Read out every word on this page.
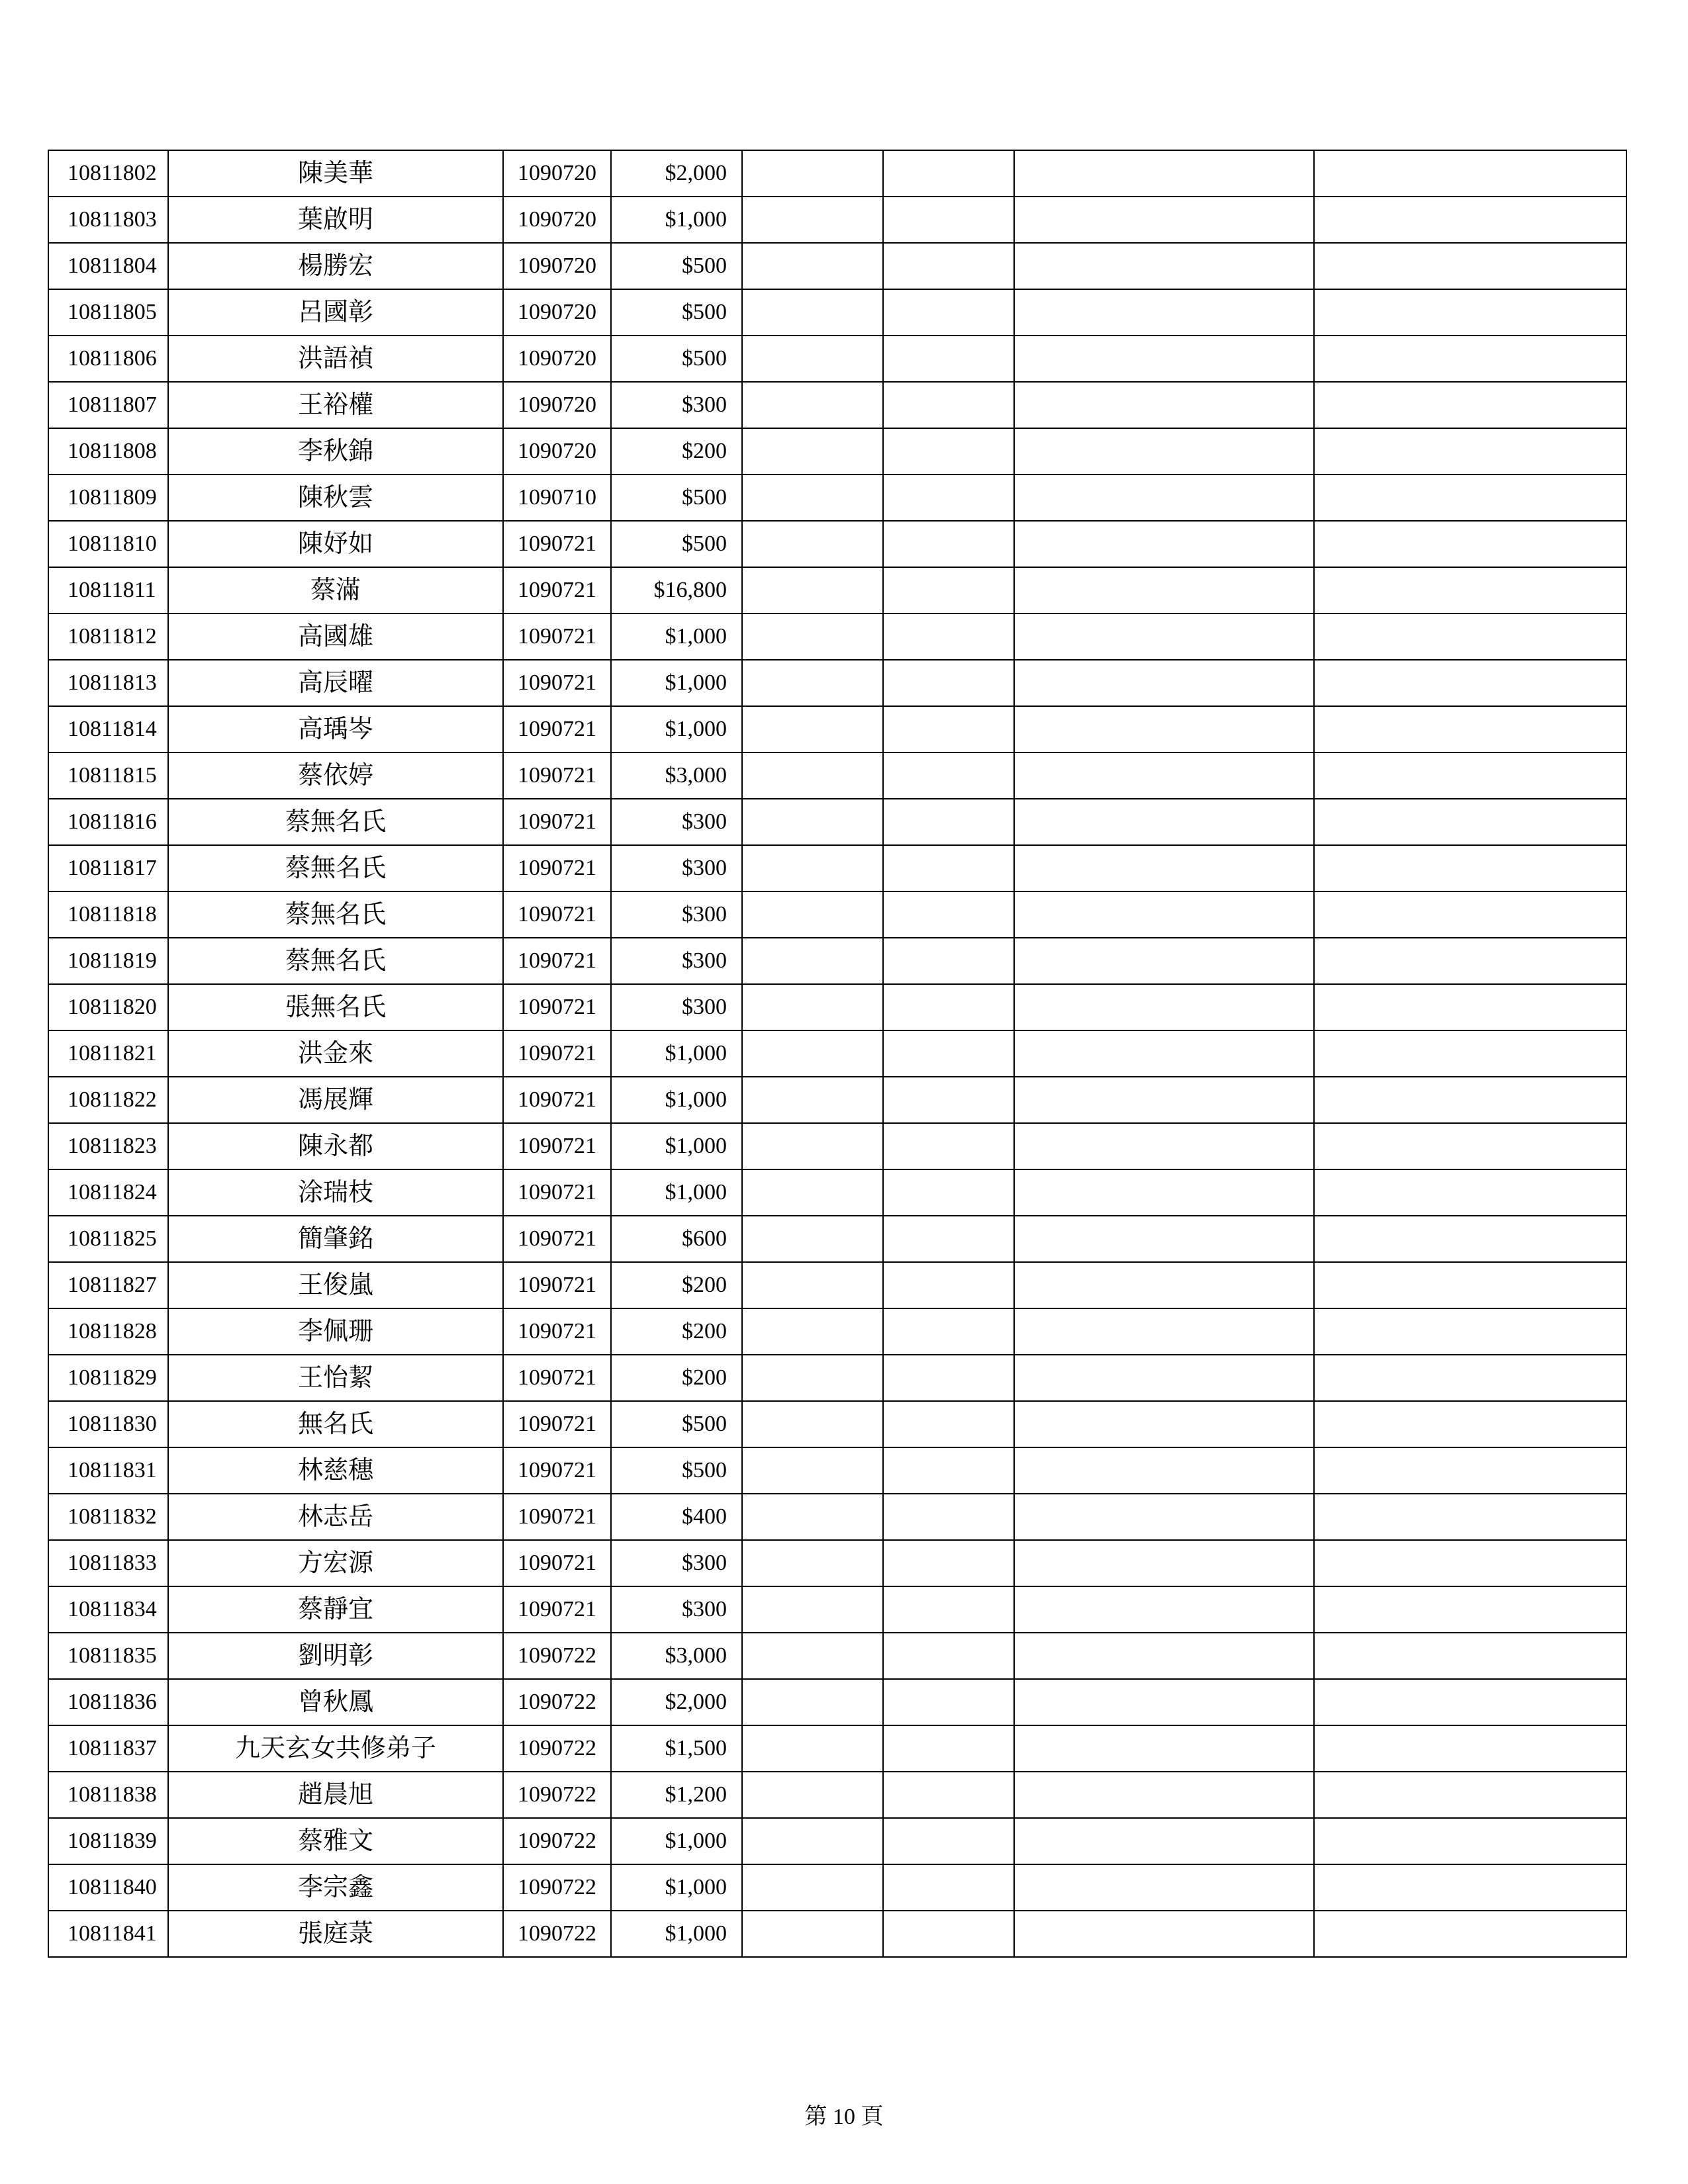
10811802	陳美華	1090720	$2,000				
10811803	葉啟明	1090720	$1,000				
10811804	楊勝宏	1090720	$500				
10811805	呂國彰	1090720	$500				
10811806	洪語禎	1090720	$500				
10811807	王裕權	1090720	$300				
10811808	李秋錦	1090720	$200				
10811809	陳秋雲	1090710	$500				
10811810	陳妤如	1090721	$500				
10811811	蔡滿	1090721	$16,800				
10811812	高國雄	1090721	$1,000				
10811813	高辰曜	1090721	$1,000				
10811814	高瑀岑	1090721	$1,000				
10811815	蔡依婷	1090721	$3,000				
10811816	蔡無名氏	1090721	$300				
10811817	蔡無名氏	1090721	$300				
10811818	蔡無名氏	1090721	$300				
10811819	蔡無名氏	1090721	$300				
10811820	張無名氏	1090721	$300				
10811821	洪金來	1090721	$1,000				
10811822	馮展輝	1090721	$1,000				
10811823	陳永都	1090721	$1,000				
10811824	涂瑞枝	1090721	$1,000				
10811825	簡肇銘	1090721	$600				
10811827	王俊嵐	1090721	$200				
10811828	李佩珊	1090721	$200				
10811829	王怡絜	1090721	$200				
10811830	無名氏	1090721	$500				
10811831	林慈穗	1090721	$500				
10811832	林志岳	1090721	$400				
10811833	方宏源	1090721	$300				
10811834	蔡靜宜	1090721	$300				
10811835	劉明彰	1090722	$3,000				
10811836	曾秋鳳	1090722	$2,000				
10811837	九天玄女共修弟子	1090722	$1,500				
10811838	趙晨旭	1090722	$1,200				
10811839	蔡雅文	1090722	$1,000				
10811840	李宗鑫	1090722	$1,000				
10811841	張庭菉	1090722	$1,000				
第 10 頁
